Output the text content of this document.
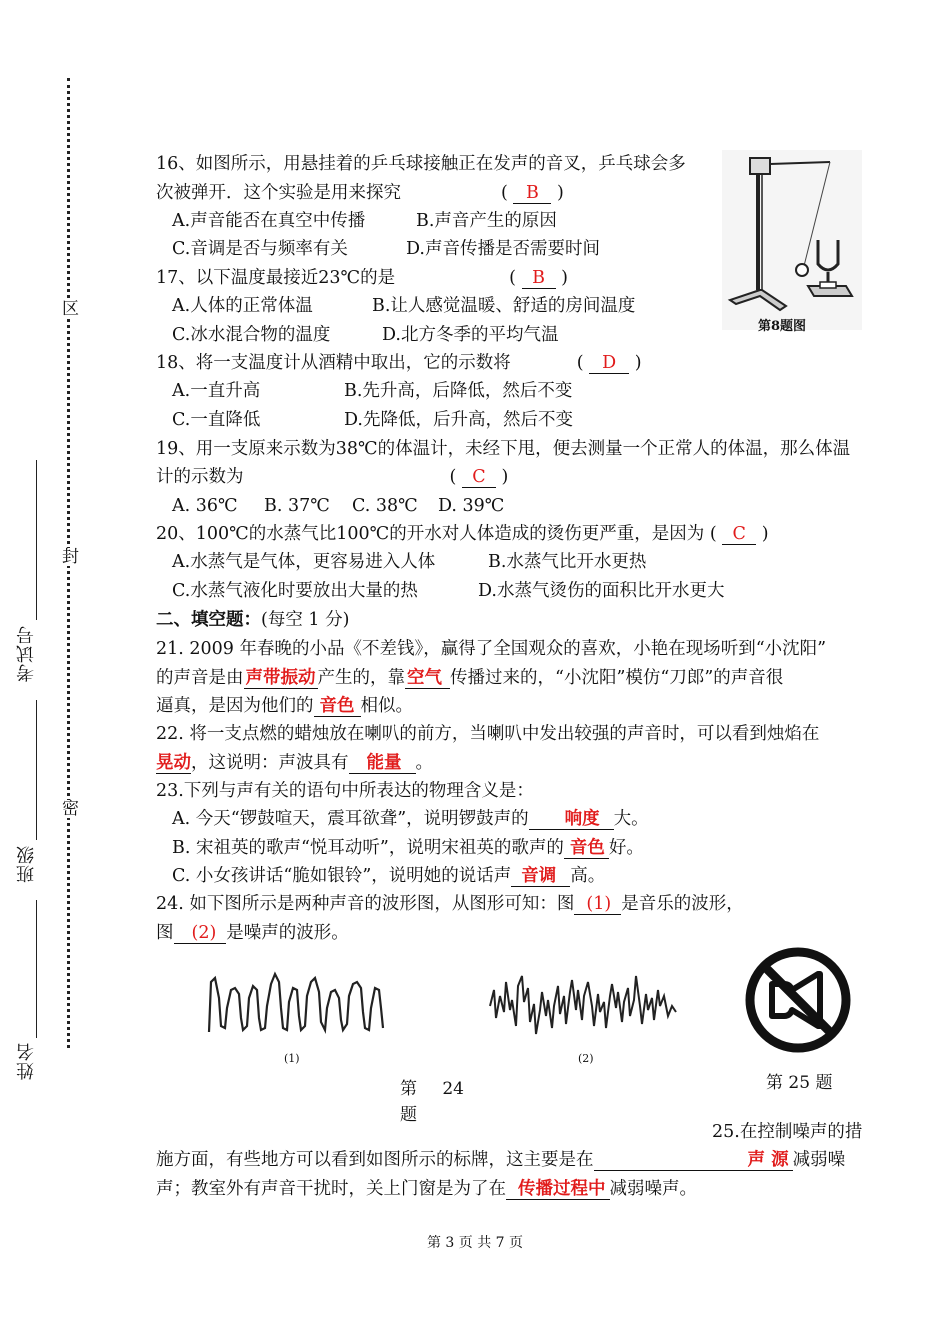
区
封
密
考试号
班级
姓名
16、如图所示，用悬挂着的乒乓球接触正在发声的音叉，乒乓球会多
次被弹开．这个实验是用来探究	( B )
A.声音能否在真空中传播	B.声音产生的原因
C.音调是否与频率有关	D.声音传播是否需要时间
第8题图
17、以下温度最接近23℃的是	( B )
A.人体的正常体温	B.让人感觉温暖、舒适的房间温度
C.冰水混合物的温度	D.北方冬季的平均气温
18、将一支温度计从酒精中取出，它的示数将	( D )
A.一直升高	B.先升高，后降低，然后不变
C.一直降低	D.先降低，后升高，然后不变
19、用一支原来示数为38℃的体温计，未经下甩，便去测量一个正常人的体温，那么体温
计的示数为	( C )
A. 36℃ B. 37℃ C. 38℃ D. 39℃
20、100℃的水蒸气比100℃的开水对人体造成的烫伤更严重，是因为 ( C )
A.水蒸气是气体，更容易进入人体	B.水蒸气比开水更热
C.水蒸气液化时要放出大量的热	D.水蒸气烫伤的面积比开水更大
二、填空题：(每空 1 分)
21. 2009 年春晚的小品《不差钱》，赢得了全国观众的喜欢，小艳在现场听到“小沈阳”
的声音是由 声带振动 产生的，靠 空气 传播过来的，“小沈阳”模仿“刀郎”的声音很
逼真，是因为他们的 音色 相似。
22. 将一支点燃的蜡烛放在喇叭的前方，当喇叭中发出较强的声音时，可以看到烛焰在
晃动，这说明：声波具有 能量 。
23.下列与声有关的语句中所表达的物理含义是：
A. 今天“锣鼓喧天，震耳欲聋”，说明锣鼓声的 响度 大。
B. 宋祖英的歌声“悦耳动听”，说明宋祖英的歌声的 音色 好。
C. 小女孩讲话“脆如银铃”，说明她的说话声 音调 高。
24. 如下图所示是两种声音的波形图，从图形可知：图 (1) 是音乐的波形，
图 (2) 是噪声的波形。
(1)	(2)
第 24 题
第 25 题
25.在控制噪声的措
施方面，有些地方可以看到如图所示的标牌，这主要是在	声 源 减弱噪
声；教室外有声音干扰时，关上门窗是为了在 传播过程中 减弱噪声。
第 3 页 共 7 页
